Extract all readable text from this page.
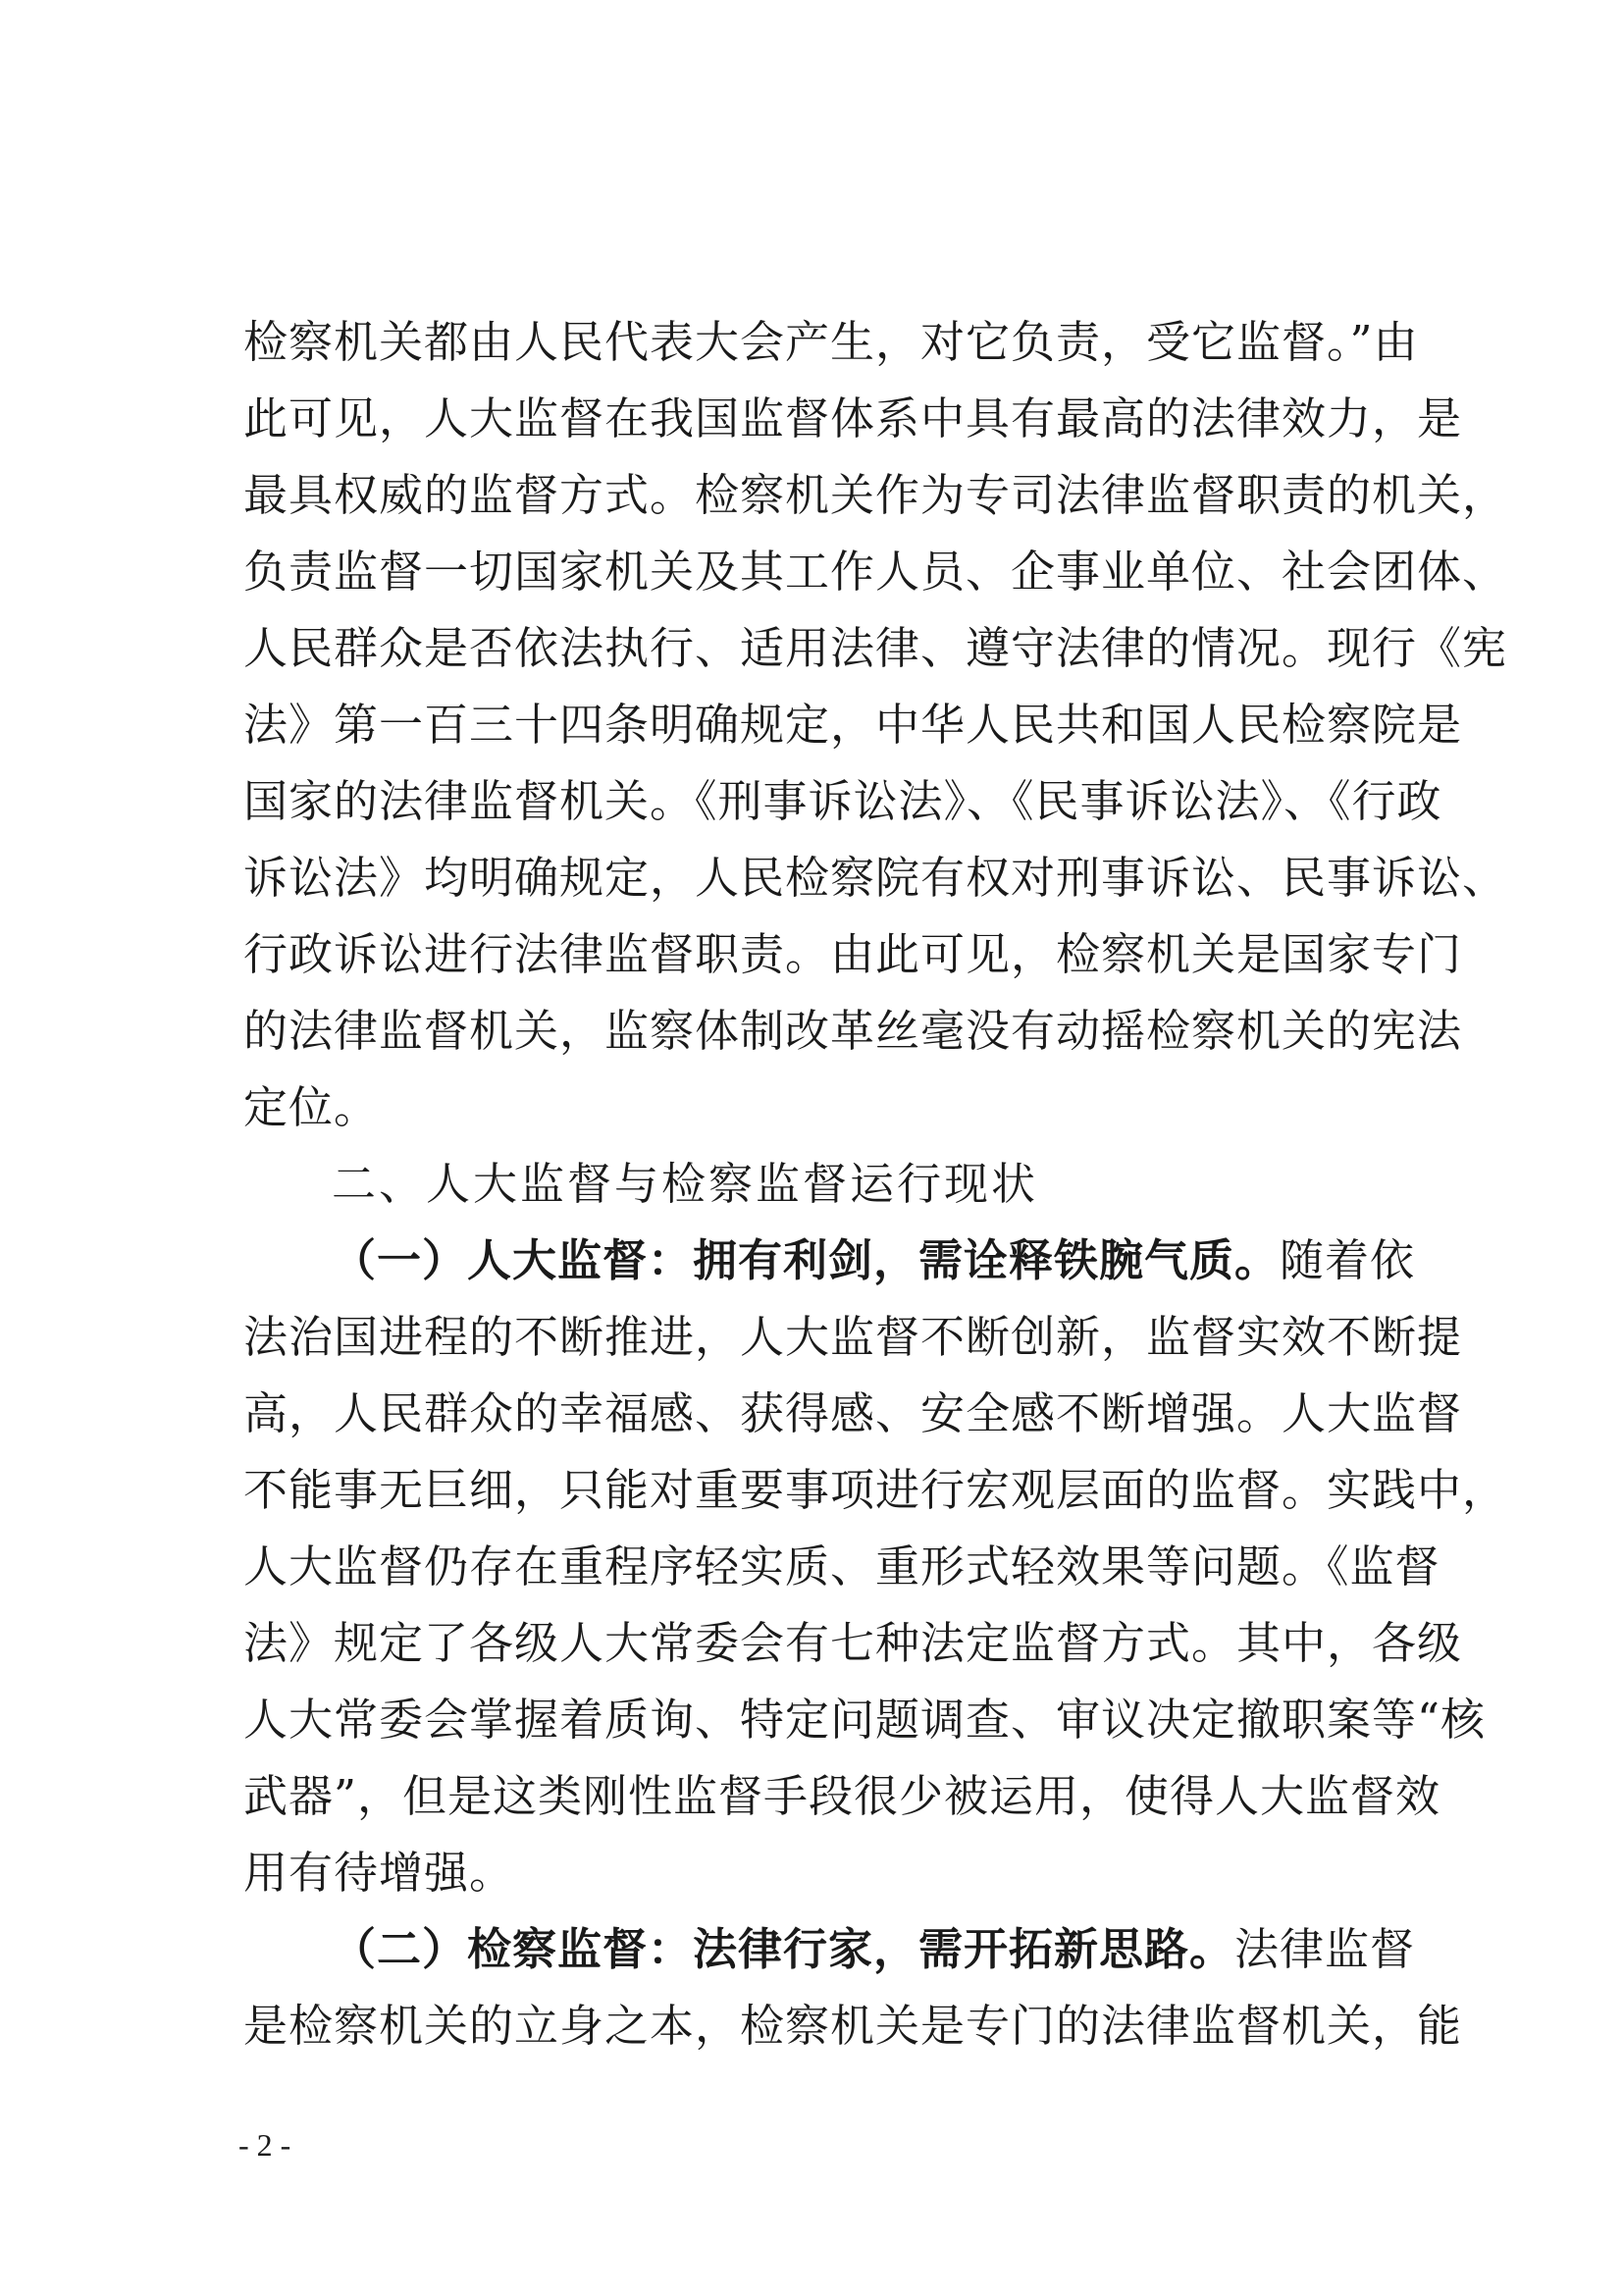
检察机关都由人民代表大会产生，对它负责，受它监督。”由
此可见，人大监督在我国监督体系中具有最高的法律效力，是
最具权威的监督方式。检察机关作为专司法律监督职责的机关，
负责监督一切国家机关及其工作人员、企事业单位、社会团体、
人民群众是否依法执行、适用法律、遵守法律的情况。现行《宪
法》第一百三十四条明确规定，中华人民共和国人民检察院是
国家的法律监督机关。《刑事诉讼法》、《民事诉讼法》、《行政
诉讼法》均明确规定，人民检察院有权对刑事诉讼、民事诉讼、
行政诉讼进行法律监督职责。由此可见，检察机关是国家专门
的法律监督机关，监察体制改革丝毫没有动摇检察机关的宪法
定位。
二、人大监督与检察监督运行现状
（一）人大监督：拥有利剑，需诠释铁腕气质。随着依
法治国进程的不断推进，人大监督不断创新，监督实效不断提
高，人民群众的幸福感、获得感、安全感不断增强。人大监督
不能事无巨细，只能对重要事项进行宏观层面的监督。实践中，
人大监督仍存在重程序轻实质、重形式轻效果等问题。《监督
法》规定了各级人大常委会有七种法定监督方式。其中，各级
人大常委会掌握着质询、特定问题调查、审议决定撤职案等“核
武器”，但是这类刚性监督手段很少被运用，使得人大监督效
用有待增强。
（二）检察监督：法律行家，需开拓新思路。法律监督
是检察机关的立身之本，检察机关是专门的法律监督机关，能
- 2 -
